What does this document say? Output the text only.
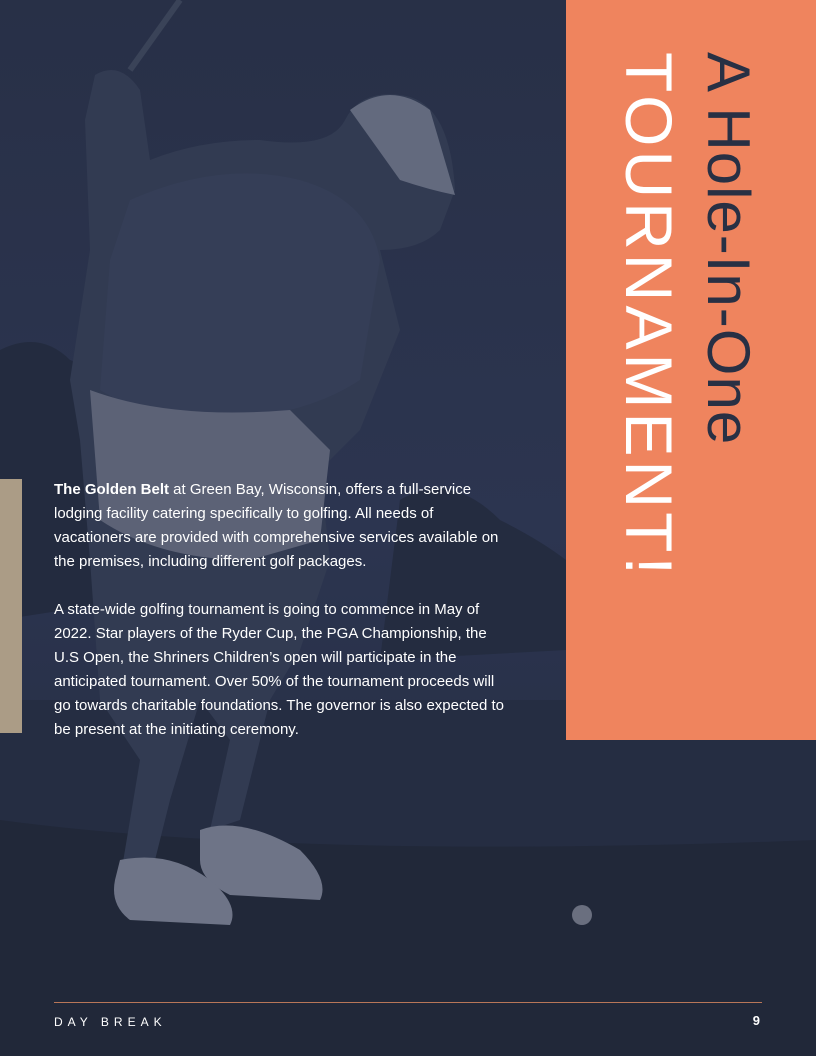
A Hole-In-One
TOURNAMENT!

The Golden Belt at Green Bay, Wisconsin, offers a full-service lodging facility catering specifically to golfing. All needs of vacationers are provided with comprehensive services available on the premises, including different golf packages.

A state-wide golfing tournament is going to commence in May of 2022. Star players of the Ryder Cup, the PGA Championship, the U.S Open, the Shriners Children’s open will participate in the anticipated tournament. Over 50% of the tournament proceeds will go towards charitable foundations. The governor is also expected to be present at the initiating ceremony.

DAY BREAK	9
